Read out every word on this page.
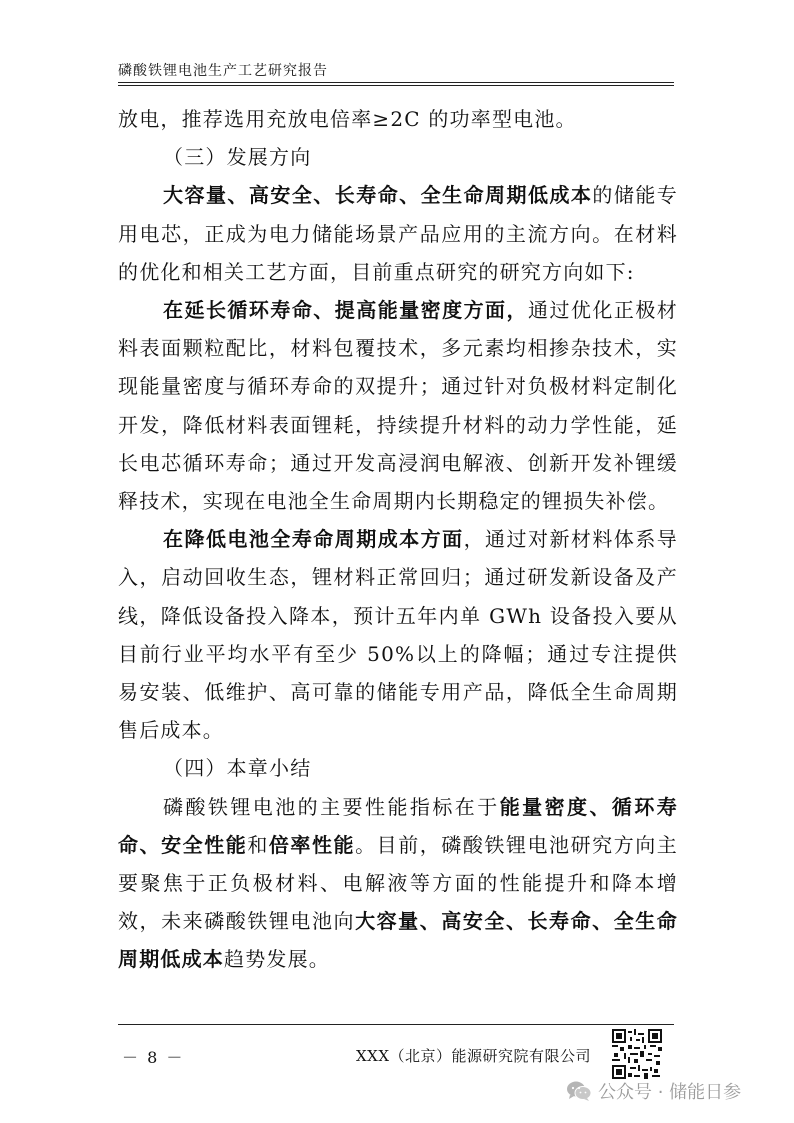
磷酸铁锂电池生产工艺研究报告

放电，推荐选用充放电倍率≥2C 的功率型电池。

（三）发展方向

大容量、高安全、长寿命、全生命周期低成本的储能专用电芯，正成为电力储能场景产品应用的主流方向。在材料的优化和相关工艺方面，目前重点研究的研究方向如下:

在延长循环寿命、提高能量密度方面，通过优化正极材料表面颗粒配比，材料包覆技术，多元素均相掺杂技术，实现能量密度与循环寿命的双提升；通过针对负极材料定制化开发，降低材料表面锂耗，持续提升材料的动力学性能，延长电芯循环寿命；通过开发高浸润电解液、创新开发补锂缓释技术，实现在电池全生命周期内长期稳定的锂损失补偿。

在降低电池全寿命周期成本方面，通过对新材料体系导入，启动回收生态，锂材料正常回归；通过研发新设备及产线，降低设备投入降本，预计五年内单 GWh 设备投入要从目前行业平均水平有至少 50%以上的降幅；通过专注提供易安装、低维护、高可靠的储能专用产品，降低全生命周期售后成本。

（四）本章小结

磷酸铁锂电池的主要性能指标在于能量密度、循环寿命、安全性能和倍率性能。目前，磷酸铁锂电池研究方向主要聚焦于正负极材料、电解液等方面的性能提升和降本增效，未来磷酸铁锂电池向大容量、高安全、长寿命、全生命周期低成本趋势发展。

－ 8 －	XXX（北京）能源研究院有限公司
公众号 · 储能日参
